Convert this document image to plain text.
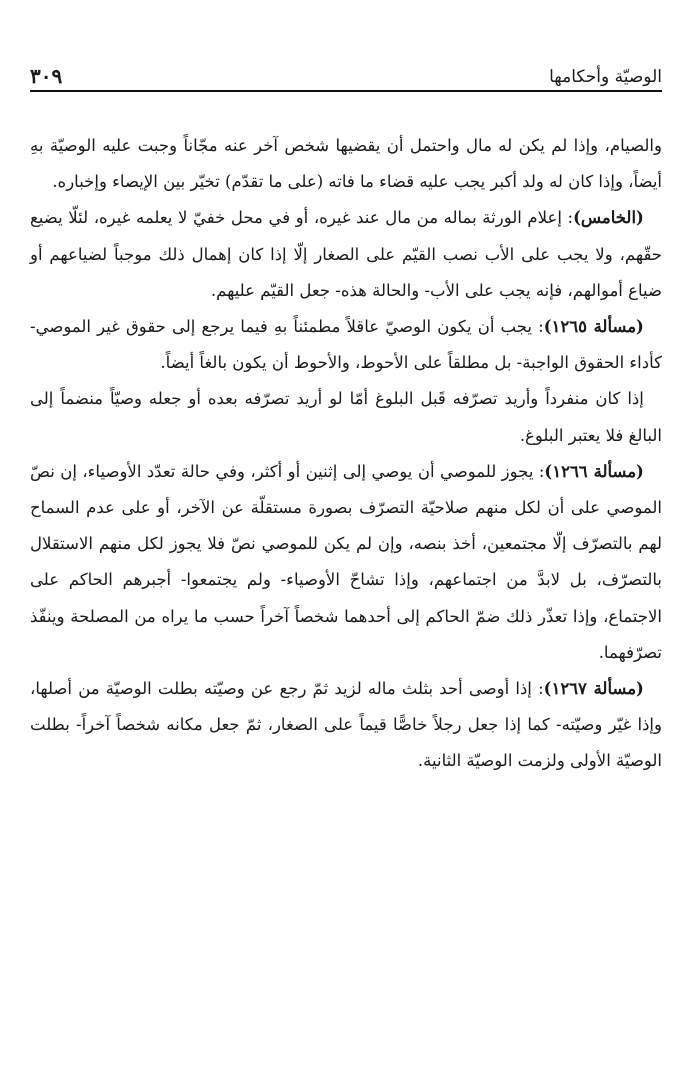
الوصيّة وأحكامها
٣٠٩

والصيام، وإذا لم يكن له مال واحتمل أن يقضيها شخص آخر عنه مجّاناً وجبت عليه الوصيّة بهِ أيضاً، وإذا كان له ولد أكبر يجب عليه قضاء ما فاته (على ما تقدّم) تخيّر بين الإيصاء وإخباره.

(الخامس): إعلام الورثة بماله من مال عند غيره، أو في محل خفيّ لا يعلمه غيره، لئلّا يضيع حقّهم، ولا يجب على الأب نصب القيّم على الصغار إلّا إذا كان إهمال ذلك موجباً لضياعهم أو ضياع أموالهم، فإنه يجب على الأب- والحالة هذه- جعل القيّم عليهم.

(مسألة ١٢٦٥): يجب أن يكون الوصيّ عاقلاً مطمئناً بهِ فيما يرجع إلى حقوق غير الموصي- كأداء الحقوق الواجبة- بل مطلقاً على الأحوط، والأحوط أن يكون بالغاً أيضاً.

إذا كان منفرداً وأريد تصرّفه قَبل البلوغ أمّا لو أريد تصرّفه بعده أو جعله وصيّاً منضماً إلى البالغ فلا يعتبر البلوغ.

(مسألة ١٢٦٦): يجوز للموصي أن يوصي إلى إثنين أو أكثر، وفي حالة تعدّد الأوصياء، إن نصّ الموصي على أن لكل منهم صلاحيّة التصرّف بصورة مستقلّة عن الآخر، أو على عدم السماح لهم بالتصرّف إلّا مجتمعين، أخذ بنصه، وإن لم يكن للموصي نصّ فلا يجوز لكل منهم الاستقلال بالتصرّف، بل لابدَّ من اجتماعهم، وإذا تشاحّ الأوصياء- ولم يجتمعوا- أجبرهم الحاكم على الاجتماع، وإذا تعذّر ذلك ضمّ الحاكم إلى أحدهما شخصاً آخراً حسب ما يراه من المصلحة وينفّذ تصرّفهما.

(مسألة ١٢٦٧): إذا أوصى أحد بثلث ماله لزيد ثمّ رجع عن وصيّته بطلت الوصيّة من أصلها، وإذا غيّر وصيّته- كما إذا جعل رجلاً خاصًّا قيماً على الصغار، ثمّ جعل مكانه شخصاً آخراً- بطلت الوصيّة الأولى ولزمت الوصيّة الثانية.
